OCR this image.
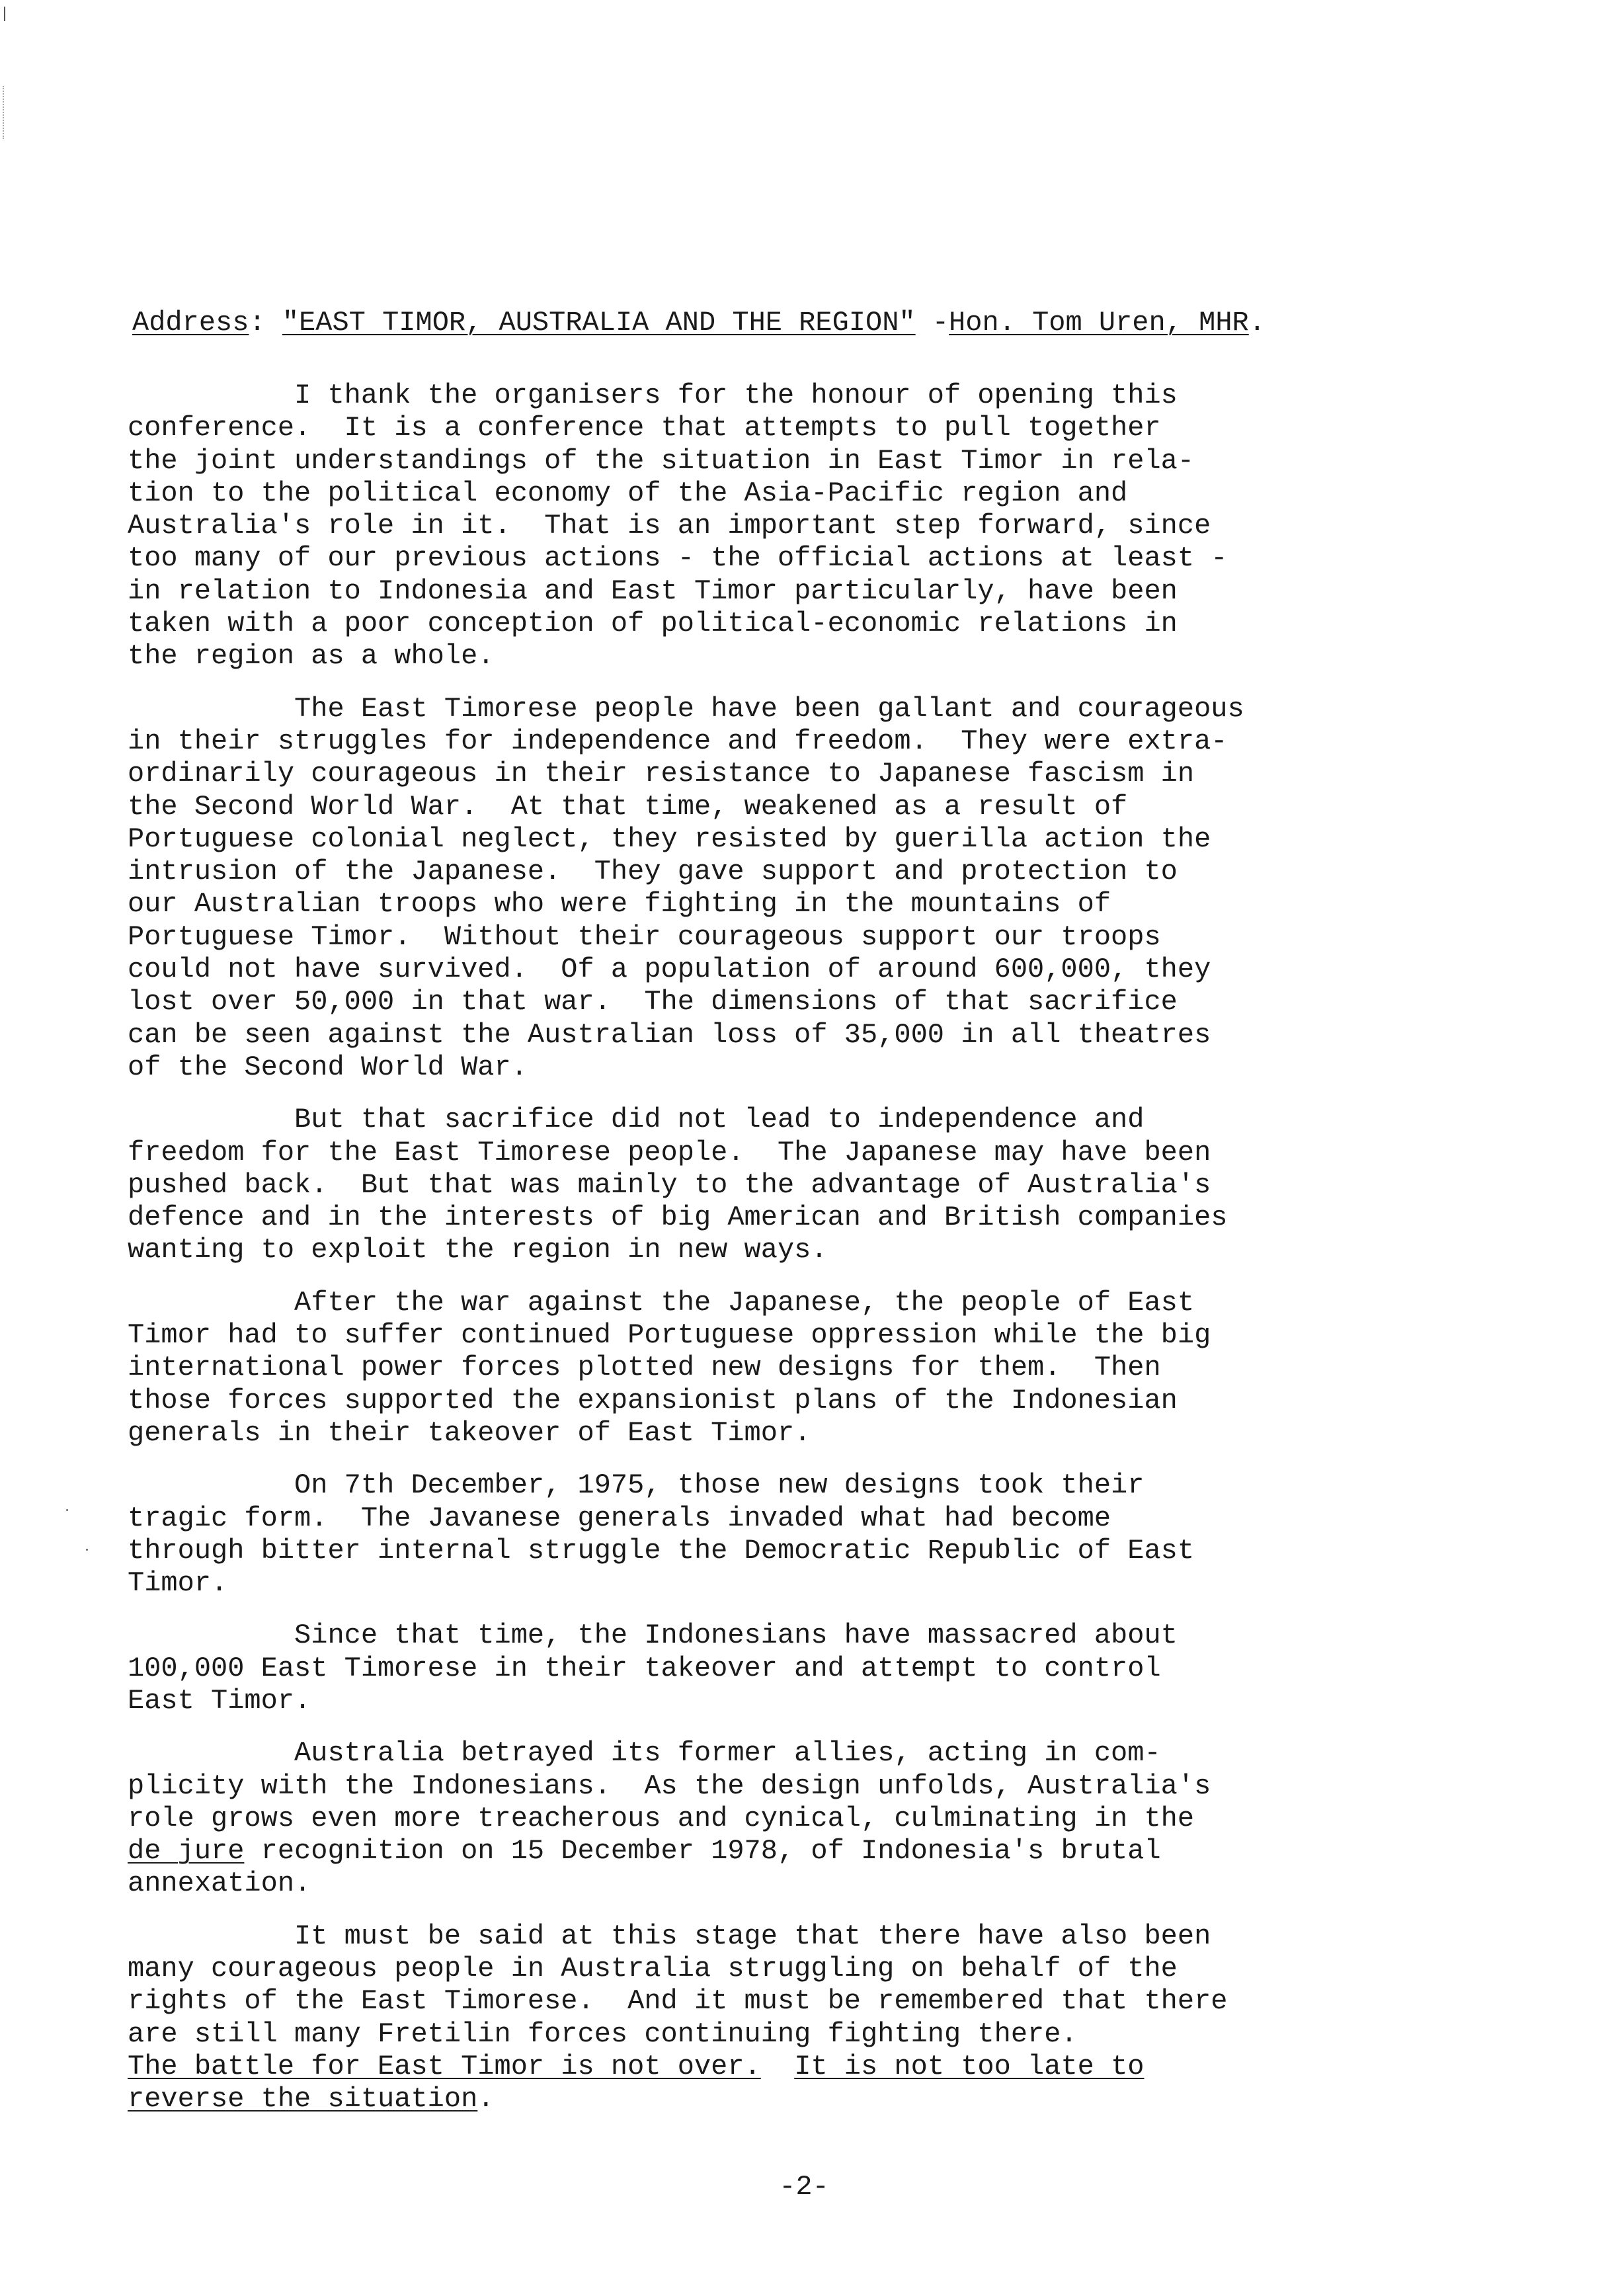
Address: "EAST TIMOR, AUSTRALIA AND THE REGION" -Hon. Tom Uren, MHR.

I thank the organisers for the honour of opening this
conference.  It is a conference that attempts to pull together
the joint understandings of the situation in East Timor in rela-
tion to the political economy of the Asia-Pacific region and
Australia's role in it.  That is an important step forward, since
too many of our previous actions - the official actions at least -
in relation to Indonesia and East Timor particularly, have been
taken with a poor conception of political-economic relations in
the region as a whole.

The East Timorese people have been gallant and courageous
in their struggles for independence and freedom.  They were extra-
ordinarily courageous in their resistance to Japanese fascism in
the Second World War.  At that time, weakened as a result of
Portuguese colonial neglect, they resisted by guerilla action the
intrusion of the Japanese.  They gave support and protection to
our Australian troops who were fighting in the mountains of
Portuguese Timor.  Without their courageous support our troops
could not have survived.  Of a population of around 600,000, they
lost over 50,000 in that war.  The dimensions of that sacrifice
can be seen against the Australian loss of 35,000 in all theatres
of the Second World War.

But that sacrifice did not lead to independence and
freedom for the East Timorese people.  The Japanese may have been
pushed back.  But that was mainly to the advantage of Australia's
defence and in the interests of big American and British companies
wanting to exploit the region in new ways.

After the war against the Japanese, the people of East
Timor had to suffer continued Portuguese oppression while the big
international power forces plotted new designs for them.  Then
those forces supported the expansionist plans of the Indonesian
generals in their takeover of East Timor.

On 7th December, 1975, those new designs took their
tragic form.  The Javanese generals invaded what had become
through bitter internal struggle the Democratic Republic of East
Timor.

Since that time, the Indonesians have massacred about
100,000 East Timorese in their takeover and attempt to control
East Timor.

Australia betrayed its former allies, acting in com-
plicity with the Indonesians.  As the design unfolds, Australia's
role grows even more treacherous and cynical, culminating in the
de jure recognition on 15 December 1978, of Indonesia's brutal
annexation.

It must be said at this stage that there have also been
many courageous people in Australia struggling on behalf of the
rights of the East Timorese.  And it must be remembered that there
are still many Fretilin forces continuing fighting there.
The battle for East Timor is not over. It is not too late to
reverse the situation.

-2-
